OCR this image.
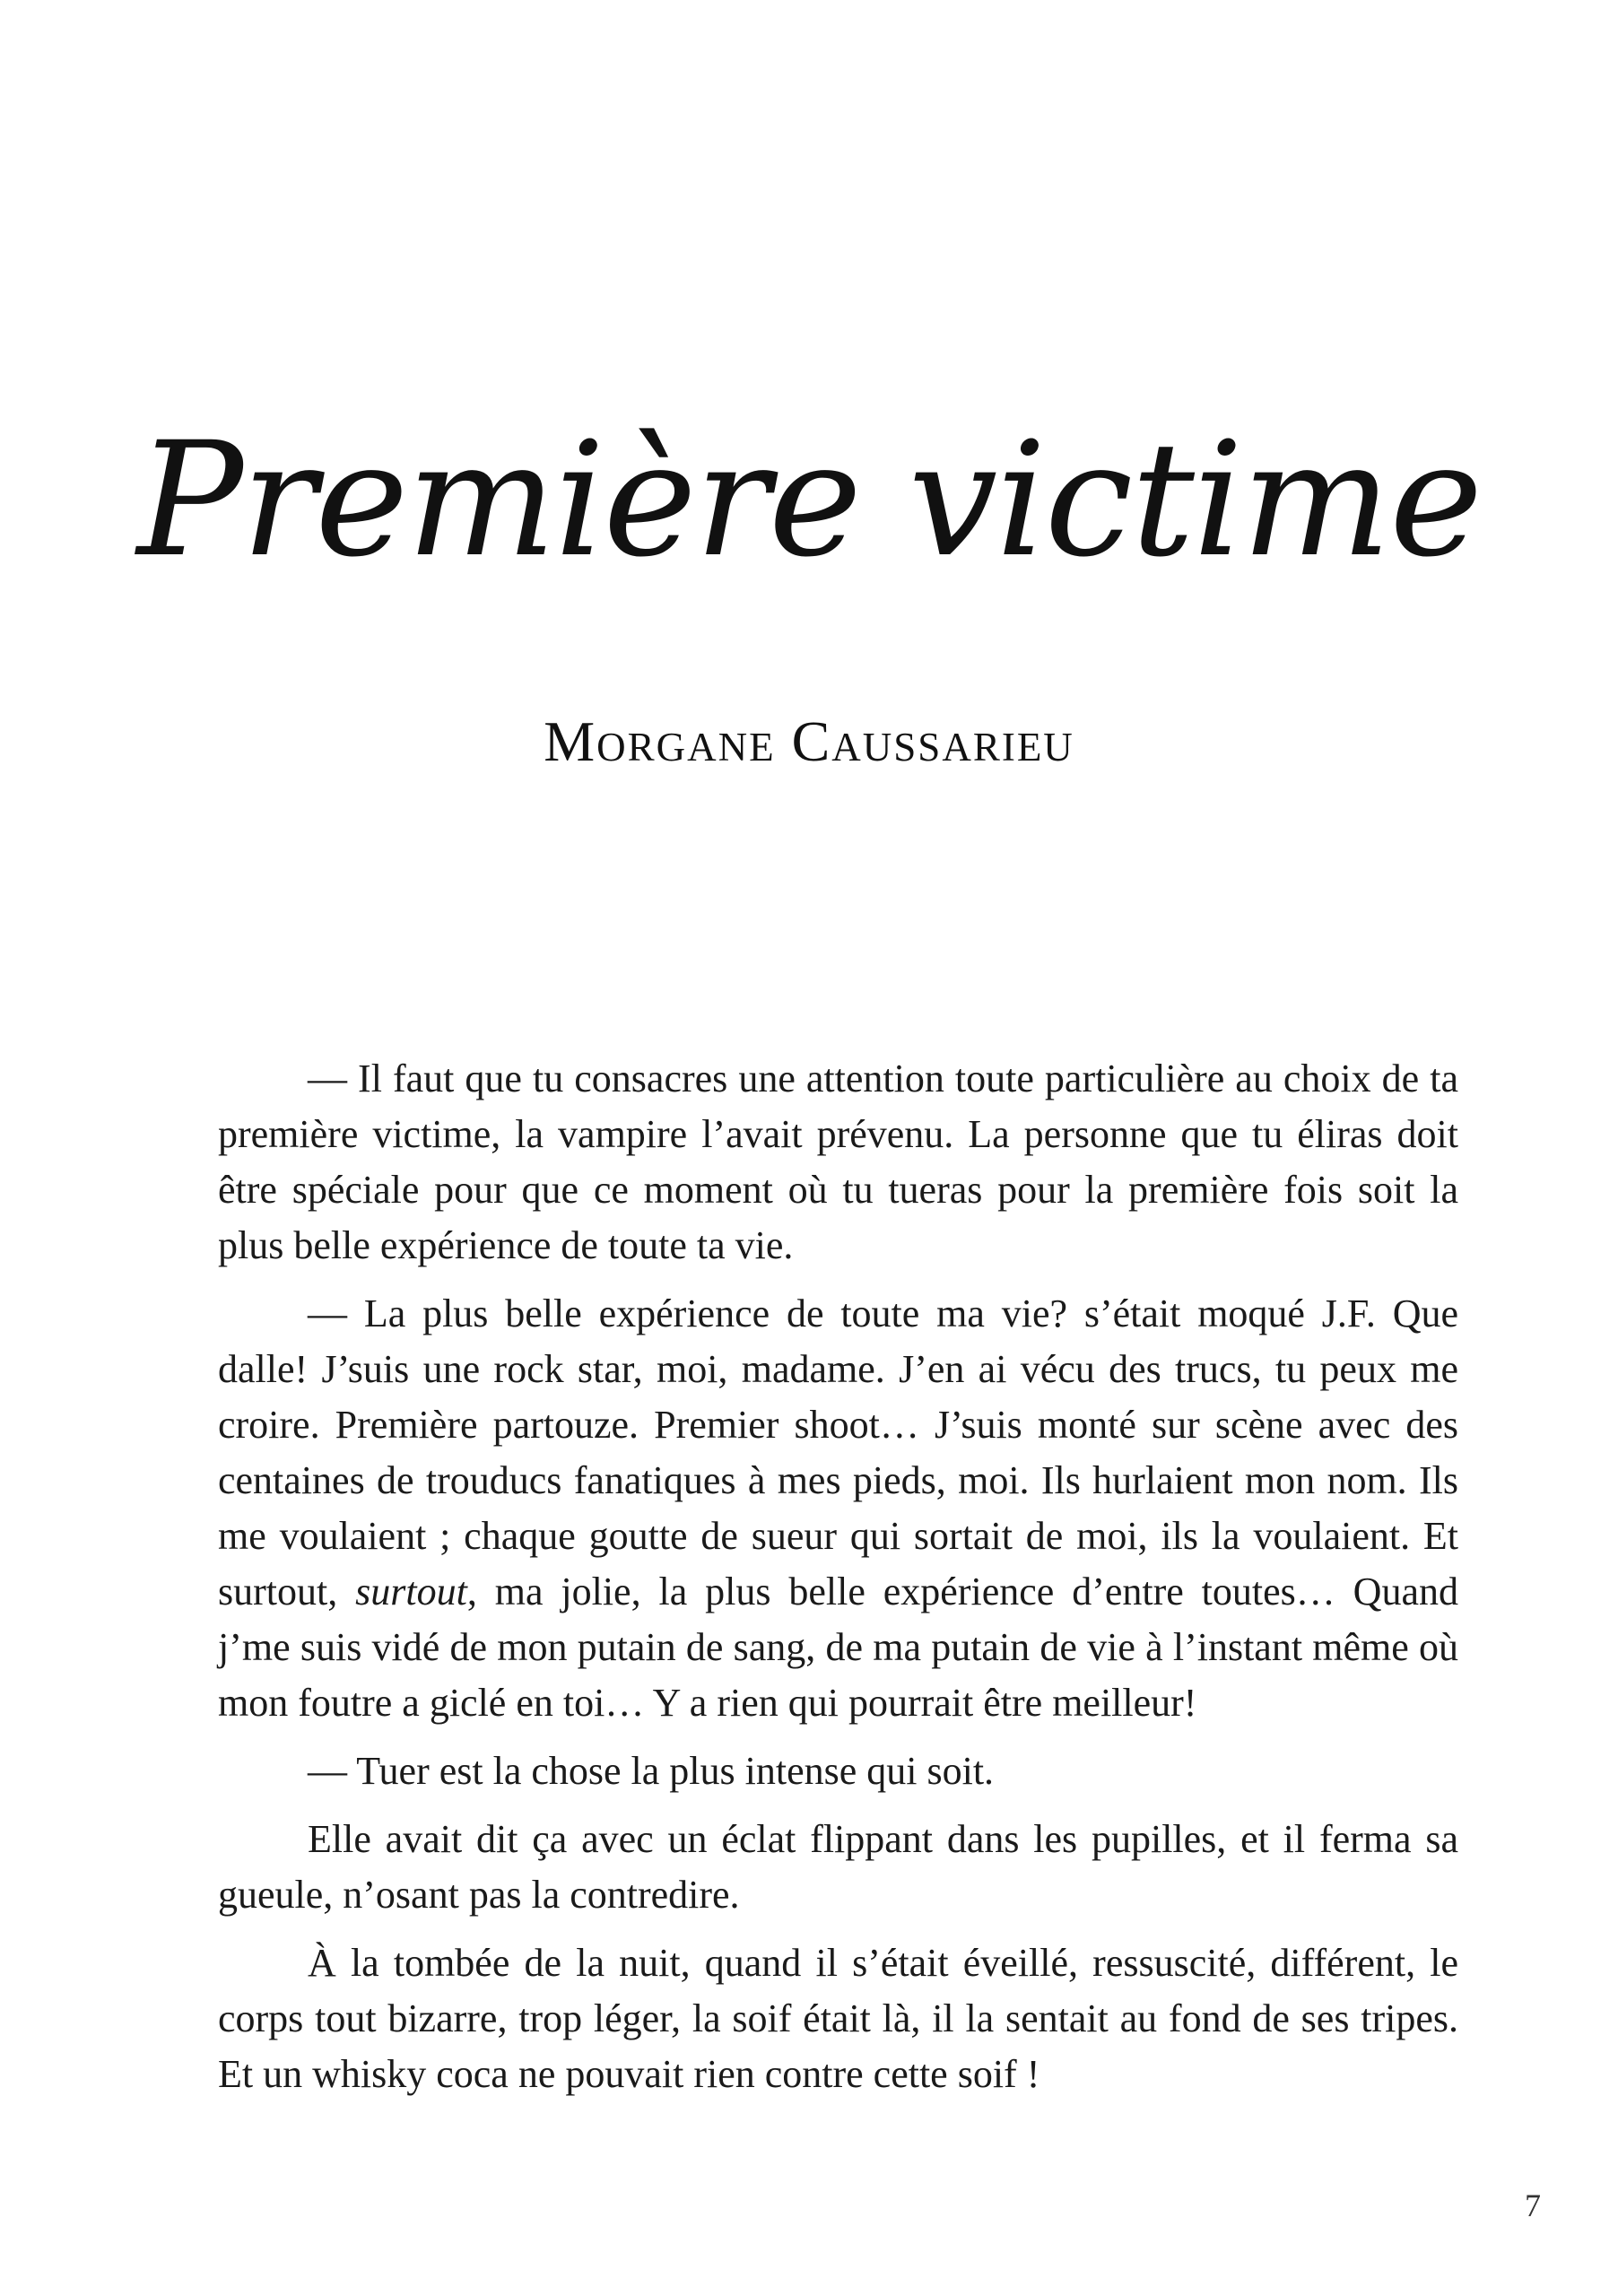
Première victime
Morgane Caussarieu

— Il faut que tu consacres une attention toute particulière au choix de ta première victime, la vampire l’avait prévenu. La personne que tu éliras doit être spéciale pour que ce moment où tu tueras pour la première fois soit la plus belle expérience de toute ta vie.

— La plus belle expérience de toute ma vie? s’était moqué J.F. Que dalle! J’suis une rock star, moi, madame. J’en ai vécu des trucs, tu peux me croire. Première partouze. Premier shoot… J’suis monté sur scène avec des centaines de trouducs fanatiques à mes pieds, moi. Ils hurlaient mon nom. Ils me voulaient ; chaque goutte de sueur qui sortait de moi, ils la voulaient. Et surtout, surtout, ma jolie, la plus belle expérience d’entre toutes… Quand j’me suis vidé de mon putain de sang, de ma putain de vie à l’instant même où mon foutre a giclé en toi… Y a rien qui pourrait être meilleur!

— Tuer est la chose la plus intense qui soit.

Elle avait dit ça avec un éclat flippant dans les pupilles, et il ferma sa gueule, n’osant pas la contredire.

À la tombée de la nuit, quand il s’était éveillé, ressuscité, différent, le corps tout bizarre, trop léger, la soif était là, il la sentait au fond de ses tripes. Et un whisky coca ne pouvait rien contre cette soif !

7
